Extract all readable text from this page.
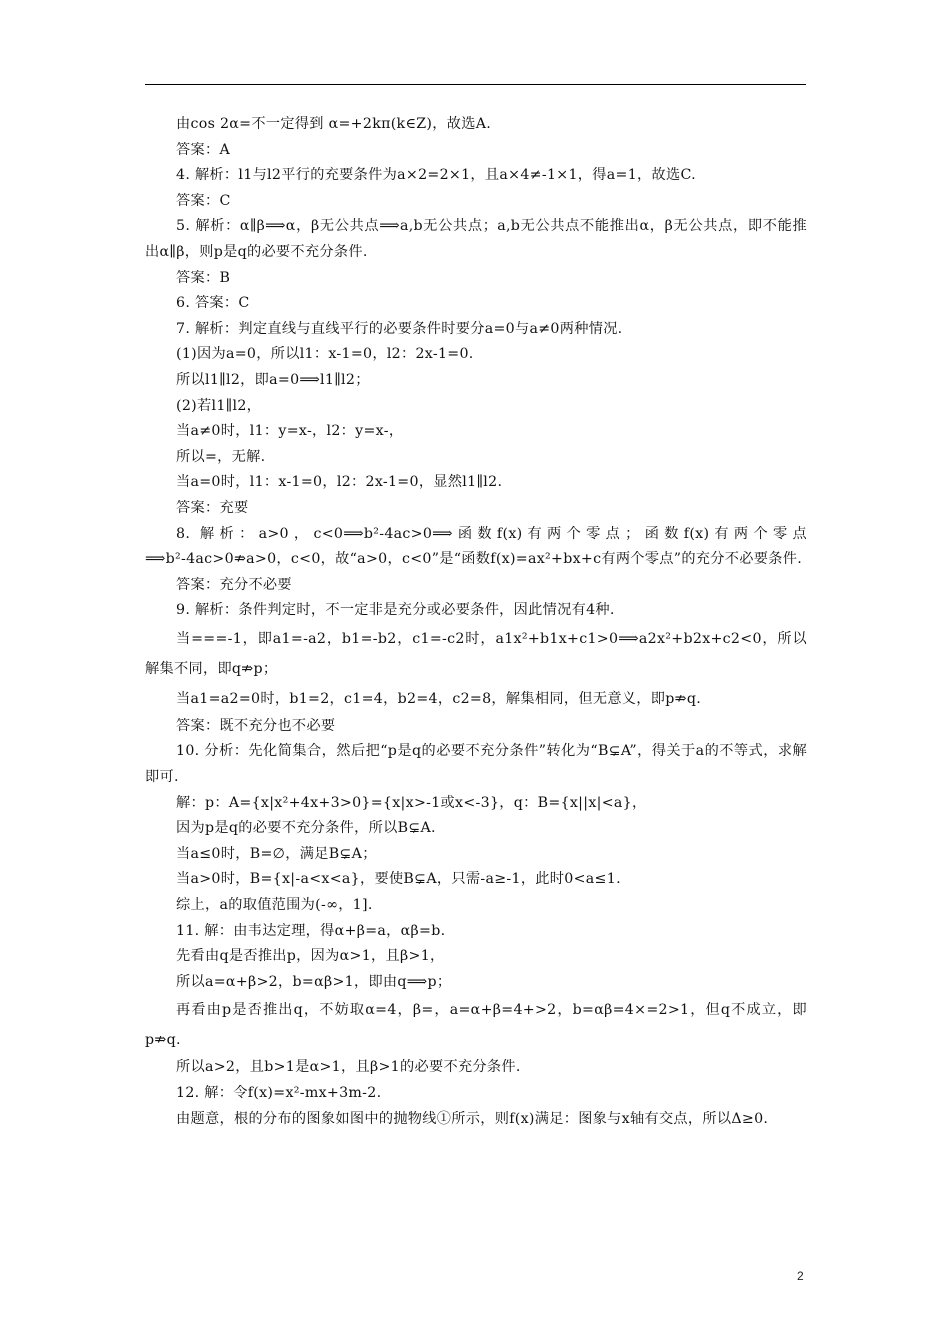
由cos 2α=不一定得到 α=+2kπ(k∈Z)，故选A.

答案：A

4. 解析：l1与l2平行的充要条件为a×2=2×1，且a×4≠-1×1，得a=1，故选C.

答案：C

5. 解析：α∥β⟹α，β无公共点⟹a,b无公共点；a,b无公共点不能推出α，β无公共点，即不能推出α∥β，则p是q的必要不充分条件.

答案：B

6. 答案：C

7. 解析：判定直线与直线平行的必要条件时要分a=0与a≠0两种情况.

(1)因为a=0，所以l1：x-1=0，l2：2x-1=0.

所以l1∥l2，即a=0⟹l1∥l2；

(2)若l1∥l2，

当a≠0时，l1：y=x-，l2：y=x-，

所以=，无解.

当a=0时，l1：x-1=0，l2：2x-1=0，显然l1∥l2.

答案：充要

8. 解析：a>0，c<0⟹b²-4ac>0⟹函数f(x)有两个零点；函数f(x)有两个零点⟹b²-4ac>0⇏a>0，c<0，故“a>0，c<0”是“函数f(x)=ax²+bx+c有两个零点”的充分不必要条件.

答案：充分不必要

9. 解析：条件判定时，不一定非是充分或必要条件，因此情况有4种.

当===-1，即a1=-a2，b1=-b2，c1=-c2时，a1x²+b1x+c1>0⟹a2x²+b2x+c2<0，所以解集不同，即q⇏p；

当a1=a2=0时，b1=2，c1=4，b2=4，c2=8，解集相同，但无意义，即p⇏q.

答案：既不充分也不必要

10. 分析：先化简集合，然后把“p是q的必要不充分条件”转化为“B⊊A”，得关于a的不等式，求解即可.

解：p：A={x|x²+4x+3>0}={x|x>-1或x<-3}，q：B={x||x|<a}，

因为p是q的必要不充分条件，所以B⊊A.

当a≤0时，B=∅，满足B⊊A；

当a>0时，B={x|-a<x<a}，要使B⊊A，只需-a≥-1，此时0<a≤1.

综上，a的取值范围为(-∞，1].

11. 解：由韦达定理，得α+β=a，αβ=b.

先看由q是否推出p，因为α>1，且β>1，

所以a=α+β>2，b=αβ>1，即由q⟹p；

再看由p是否推出q，不妨取α=4，β=，a=α+β=4+>2，b=αβ=4×=2>1，但q不成立，即p⇏q.

所以a>2，且b>1是α>1，且β>1的必要不充分条件.

12. 解：令f(x)=x²-mx+3m-2.

由题意，根的分布的图象如图中的抛物线①所示，则f(x)满足：图象与x轴有交点，所以Δ≥0.

2
